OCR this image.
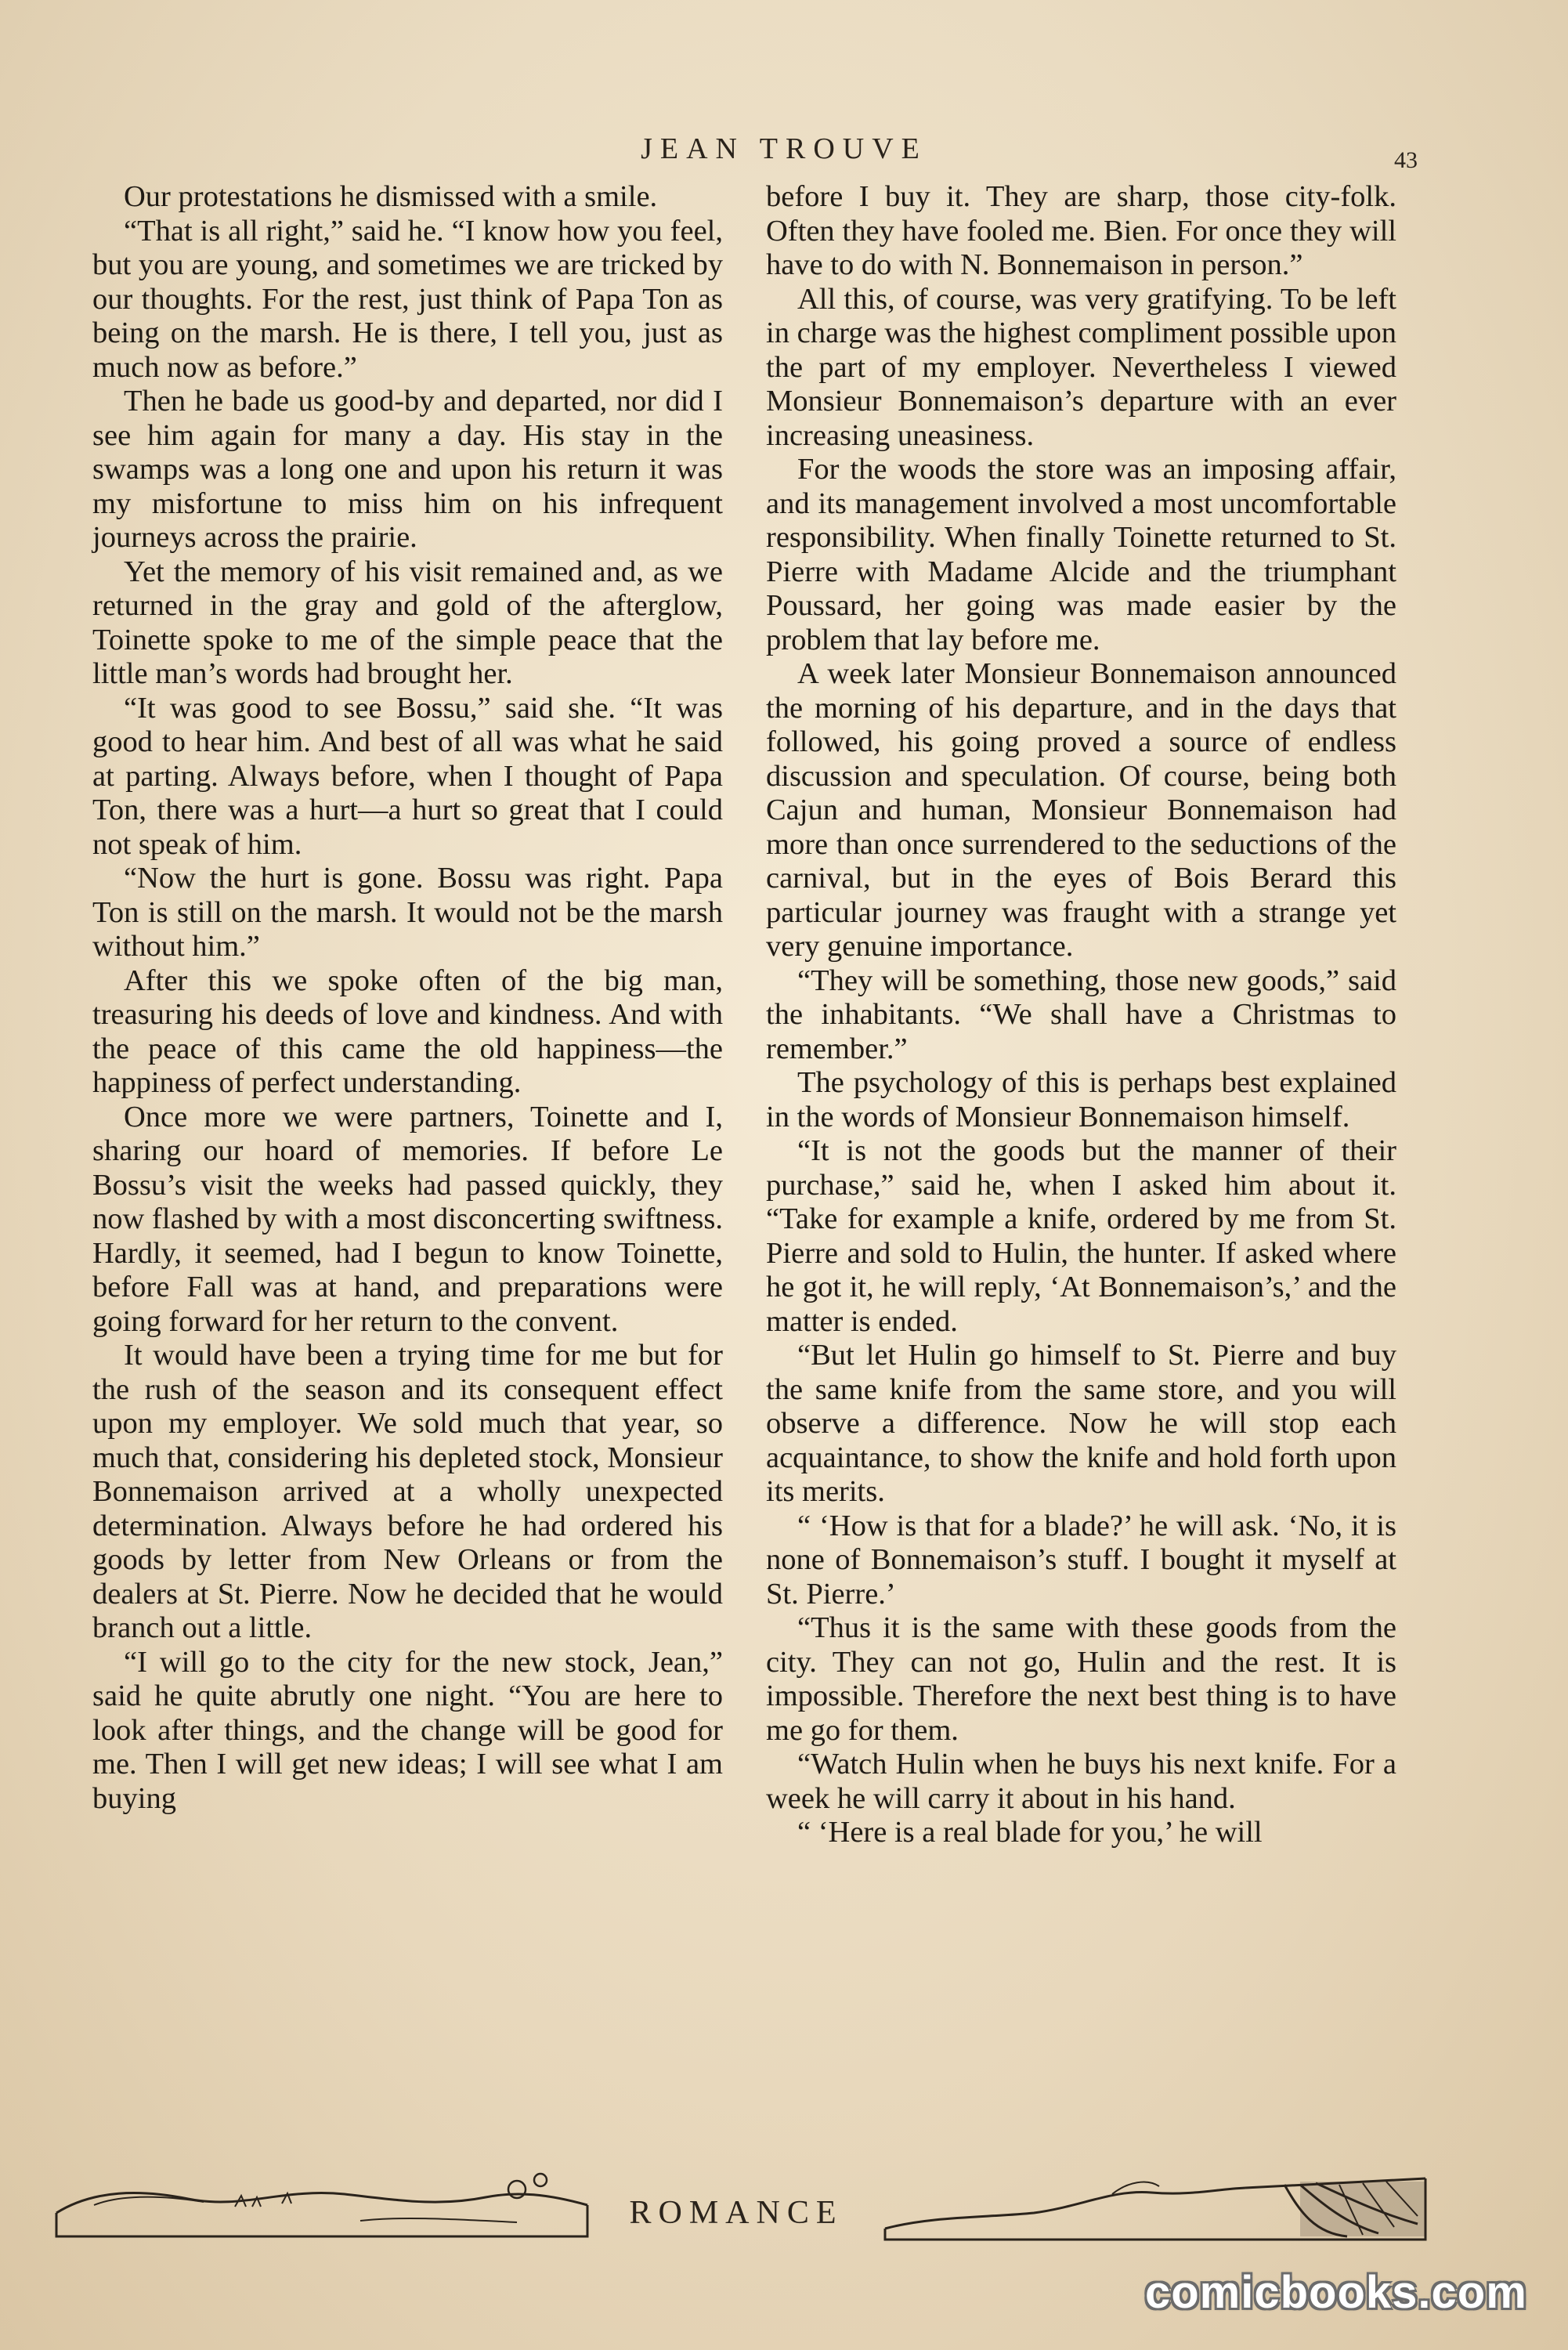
JEAN TROUVE	43

Our protestations he dismissed with a smile.

“That is all right,” said he. “I know how you feel, but you are young, and sometimes we are tricked by our thoughts. For the rest, just think of Papa Ton as being on the marsh. He is there, I tell you, just as much now as before.”

Then he bade us good-by and departed, nor did I see him again for many a day. His stay in the swamps was a long one and upon his return it was my misfortune to miss him on his infrequent journeys across the prairie.

Yet the memory of his visit remained and, as we returned in the gray and gold of the afterglow, Toinette spoke to me of the simple peace that the little man’s words had brought her.

“It was good to see Bossu,” said she. “It was good to hear him. And best of all was what he said at parting. Always before, when I thought of Papa Ton, there was a hurt—a hurt so great that I could not speak of him.

“Now the hurt is gone. Bossu was right. Papa Ton is still on the marsh. It would not be the marsh without him.”

After this we spoke often of the big man, treasuring his deeds of love and kindness. And with the peace of this came the old happiness—the happiness of perfect understanding.

Once more we were partners, Toinette and I, sharing our hoard of memories. If before Le Bossu’s visit the weeks had passed quickly, they now flashed by with a most disconcerting swiftness. Hardly, it seemed, had I begun to know Toinette, before Fall was at hand, and preparations were going forward for her return to the convent.

It would have been a trying time for me but for the rush of the season and its consequent effect upon my employer. We sold much that year, so much that, considering his depleted stock, Monsieur Bonnemaison arrived at a wholly unexpected determination. Always before he had ordered his goods by letter from New Orleans or from the dealers at St. Pierre. Now he decided that he would branch out a little.

“I will go to the city for the new stock, Jean,” said he quite abrutly one night. “You are here to look after things, and the change will be good for me. Then I will get new ideas; I will see what I am buying

before I buy it. They are sharp, those city-folk. Often they have fooled me. Bien. For once they will have to do with N. Bonnemaison in person.”

All this, of course, was very gratifying. To be left in charge was the highest compliment possible upon the part of my employer. Nevertheless I viewed Monsieur Bonnemaison’s departure with an ever increasing uneasiness.

For the woods the store was an imposing affair, and its management involved a most uncomfortable responsibility. When finally Toinette returned to St. Pierre with Madame Alcide and the triumphant Poussard, her going was made easier by the problem that lay before me.

A week later Monsieur Bonnemaison announced the morning of his departure, and in the days that followed, his going proved a source of endless discussion and speculation. Of course, being both Cajun and human, Monsieur Bonnemaison had more than once surrendered to the seductions of the carnival, but in the eyes of Bois Berard this particular journey was fraught with a strange yet very genuine importance.

“They will be something, those new goods,” said the inhabitants. “We shall have a Christmas to remember.”

The psychology of this is perhaps best explained in the words of Monsieur Bonnemaison himself.

“It is not the goods but the manner of their purchase,” said he, when I asked him about it. “Take for example a knife, ordered by me from St. Pierre and sold to Hulin, the hunter. If asked where he got it, he will reply, ‘At Bonnemaison’s,’ and the matter is ended.

“But let Hulin go himself to St. Pierre and buy the same knife from the same store, and you will observe a difference. Now he will stop each acquaintance, to show the knife and hold forth upon its merits.

“ ‘How is that for a blade?’ he will ask. ‘No, it is none of Bonnemaison’s stuff. I bought it myself at St. Pierre.’

“Thus it is the same with these goods from the city. They can not go, Hulin and the rest. It is impossible. Therefore the next best thing is to have me go for them.

“Watch Hulin when he buys his next knife. For a week he will carry it about in his hand.

“ ‘Here is a real blade for you,’ he will

ROMANCE
comicbooks.com
